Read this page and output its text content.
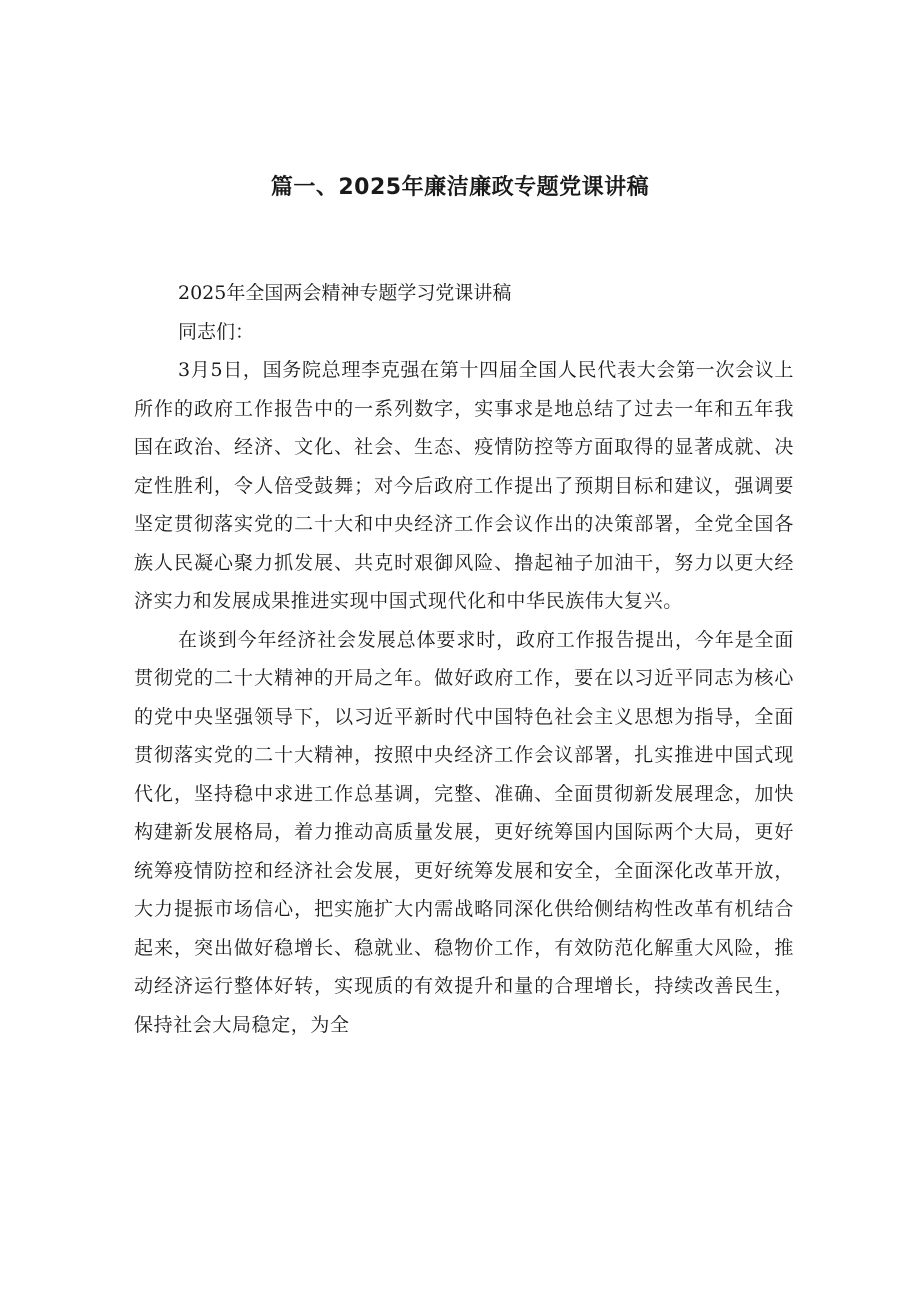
篇一、2025年廉洁廉政专题党课讲稿

2025年全国两会精神专题学习党课讲稿

同志们：

3月5日，国务院总理李克强在第十四届全国人民代表大会第一次会议上所作的政府工作报告中的一系列数字，实事求是地总结了过去一年和五年我国在政治、经济、文化、社会、生态、疫情防控等方面取得的显著成就、决定性胜利，令人倍受鼓舞；对今后政府工作提出了预期目标和建议，强调要坚定贯彻落实党的二十大和中央经济工作会议作出的决策部署，全党全国各族人民凝心聚力抓发展、共克时艰御风险、撸起袖子加油干，努力以更大经济实力和发展成果推进实现中国式现代化和中华民族伟大复兴。

在谈到今年经济社会发展总体要求时，政府工作报告提出，今年是全面贯彻党的二十大精神的开局之年。做好政府工作，要在以习近平同志为核心的党中央坚强领导下，以习近平新时代中国特色社会主义思想为指导，全面贯彻落实党的二十大精神，按照中央经济工作会议部署，扎实推进中国式现代化，坚持稳中求进工作总基调，完整、准确、全面贯彻新发展理念，加快构建新发展格局，着力推动高质量发展，更好统筹国内国际两个大局，更好统筹疫情防控和经济社会发展，更好统筹发展和安全，全面深化改革开放，大力提振市场信心，把实施扩大内需战略同深化供给侧结构性改革有机结合起来，突出做好稳增长、稳就业、稳物价工作，有效防范化解重大风险，推动经济运行整体好转，实现质的有效提升和量的合理增长，持续改善民生，保持社会大局稳定，为全
